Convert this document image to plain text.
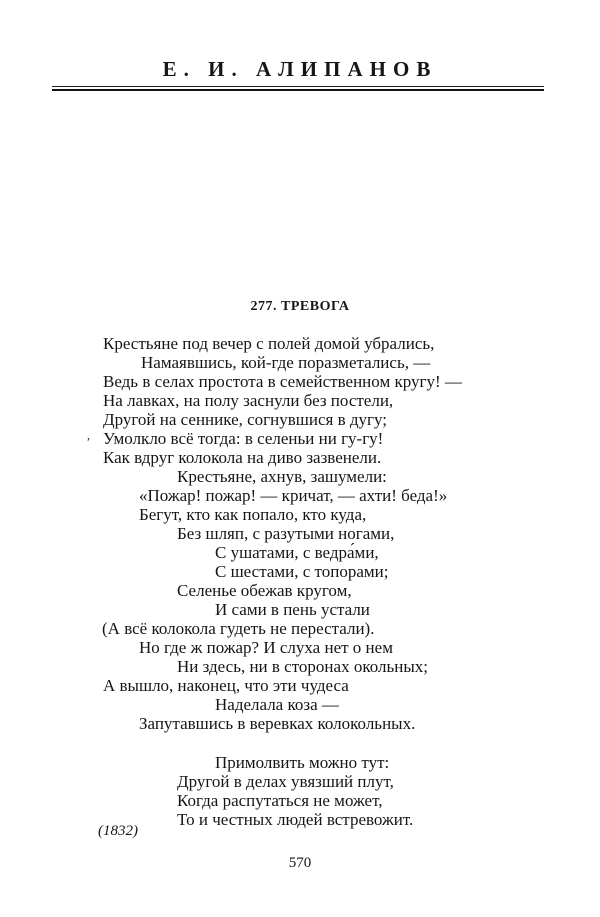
Е. И. АЛИПАНОВ
277. ТРЕВОГА
,
Крестьяне под вечер с полей домой убрались,
Намаявшись, кой-где поразметались, —
Ведь в селах простота в семейственном кругу! —
На лавках, на полу заснули без постели,
Другой на сеннике, согнувшися в дугу;
Умолкло всё тогда: в селеньи ни гу-гу!
Как вдруг колокола на диво зазвенели.
Крестьяне, ахнув, зашумели:
«Пожар! пожар! — кричат, — ахти! беда!»
Бегут, кто как попало, кто куда,
Без шляп, с разутыми ногами,
С ушатами, с ведра́ми,
С шестами, с топорами;
Селенье обежав кругом,
И сами в пень устали
(А всё колокола гудеть не перестали).
Но где ж пожар? И слуха нет о нем
Ни здесь, ни в сторонах окольных;
А вышло, наконец, что эти чудеса
Наделала коза —
Запутавшись в веревках колокольных.
Примолвить можно тут:
Другой в делах увязший плут,
Когда распутаться не может,
То и честных людей встревожит.
(1832)
570
